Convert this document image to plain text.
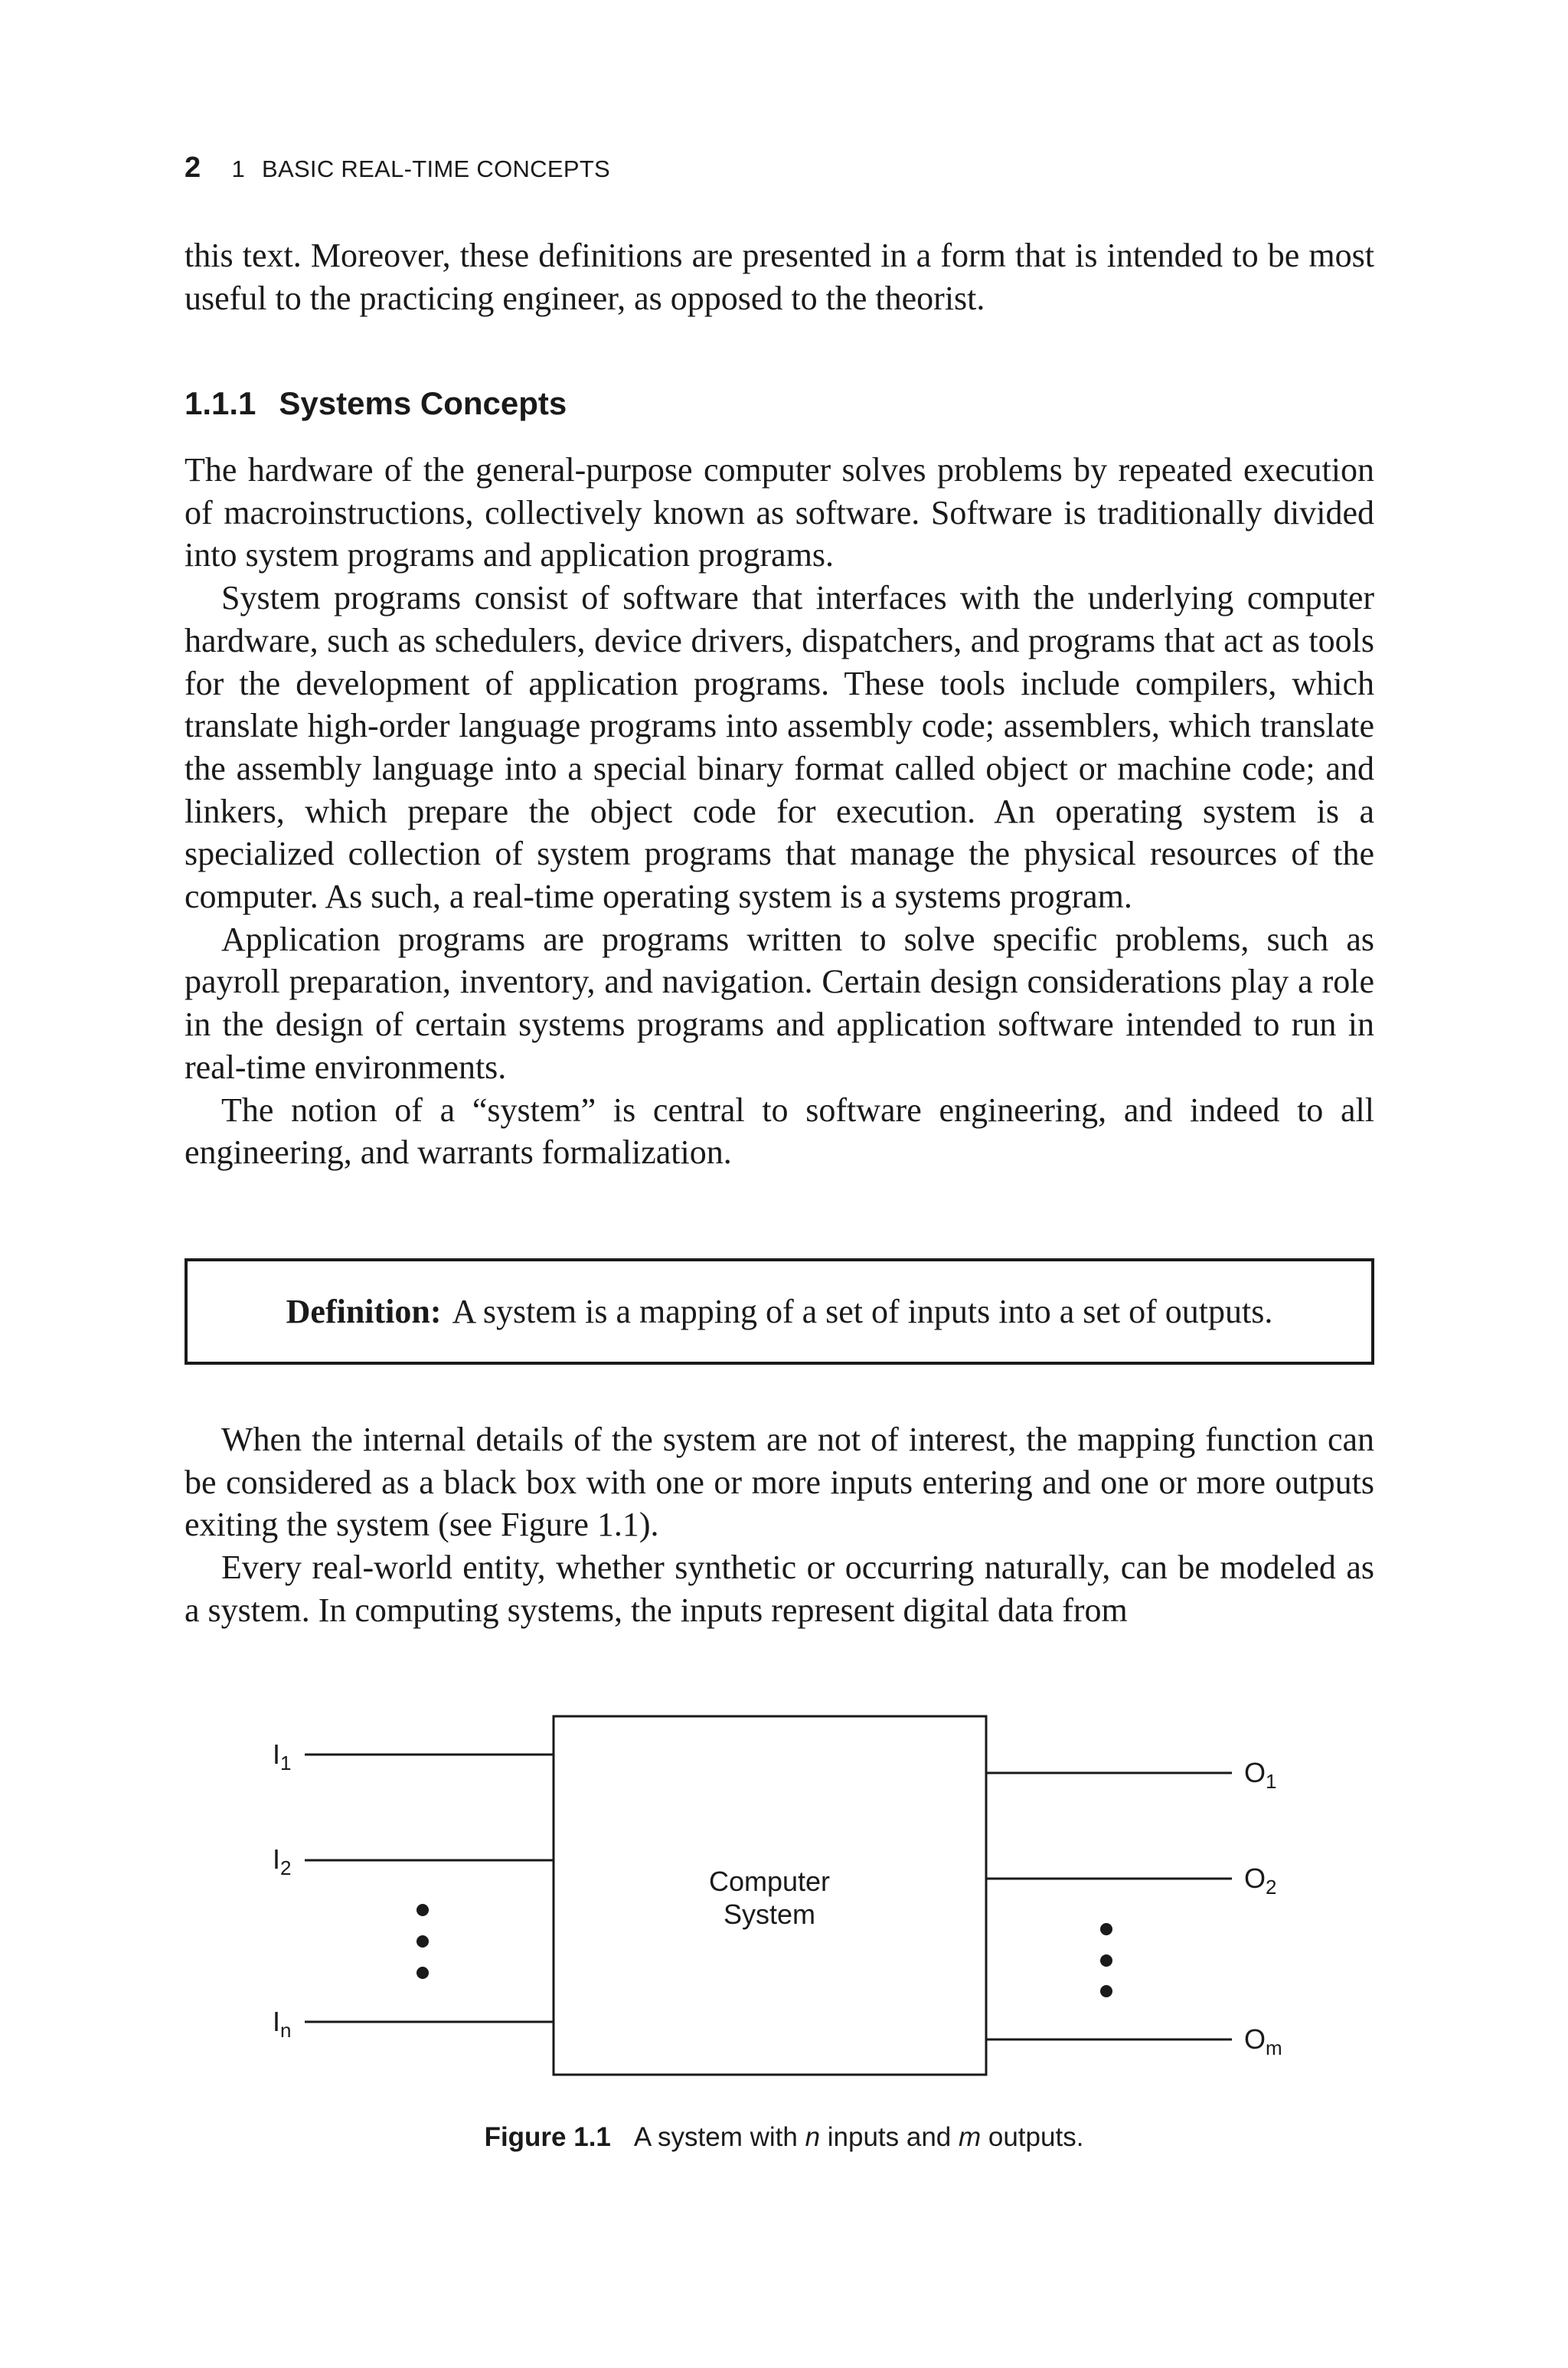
2 1 BASIC REAL-TIME CONCEPTS

this text. Moreover, these definitions are presented in a form that is intended to be most useful to the practicing engineer, as opposed to the theorist.

1.1.1 Systems Concepts

The hardware of the general-purpose computer solves problems by repeated execution of macroinstructions, collectively known as software. Software is traditionally divided into system programs and application programs.

System programs consist of software that interfaces with the underlying computer hardware, such as schedulers, device drivers, dispatchers, and programs that act as tools for the development of application programs. These tools include compilers, which translate high-order language programs into assembly code; assemblers, which translate the assembly language into a special binary format called object or machine code; and linkers, which prepare the object code for execution. An operating system is a specialized collection of system programs that manage the physical resources of the computer. As such, a real-time operating system is a systems program.

Application programs are programs written to solve specific problems, such as payroll preparation, inventory, and navigation. Certain design considerations play a role in the design of certain systems programs and application software intended to run in real-time environments.

The notion of a “system” is central to software engineering, and indeed to all engineering, and warrants formalization.

Definition: A system is a mapping of a set of inputs into a set of outputs.

When the internal details of the system are not of interest, the mapping function can be considered as a black box with one or more inputs entering and one or more outputs exiting the system (see Figure 1.1).

Every real-world entity, whether synthetic or occurring naturally, can be modeled as a system. In computing systems, the inputs represent digital data from

Computer
System
$I_1$
$I_2$
$I_n$
$O_1$
$O_2$
$O_m$
Figure 1.1 A system with n inputs and m outputs.
